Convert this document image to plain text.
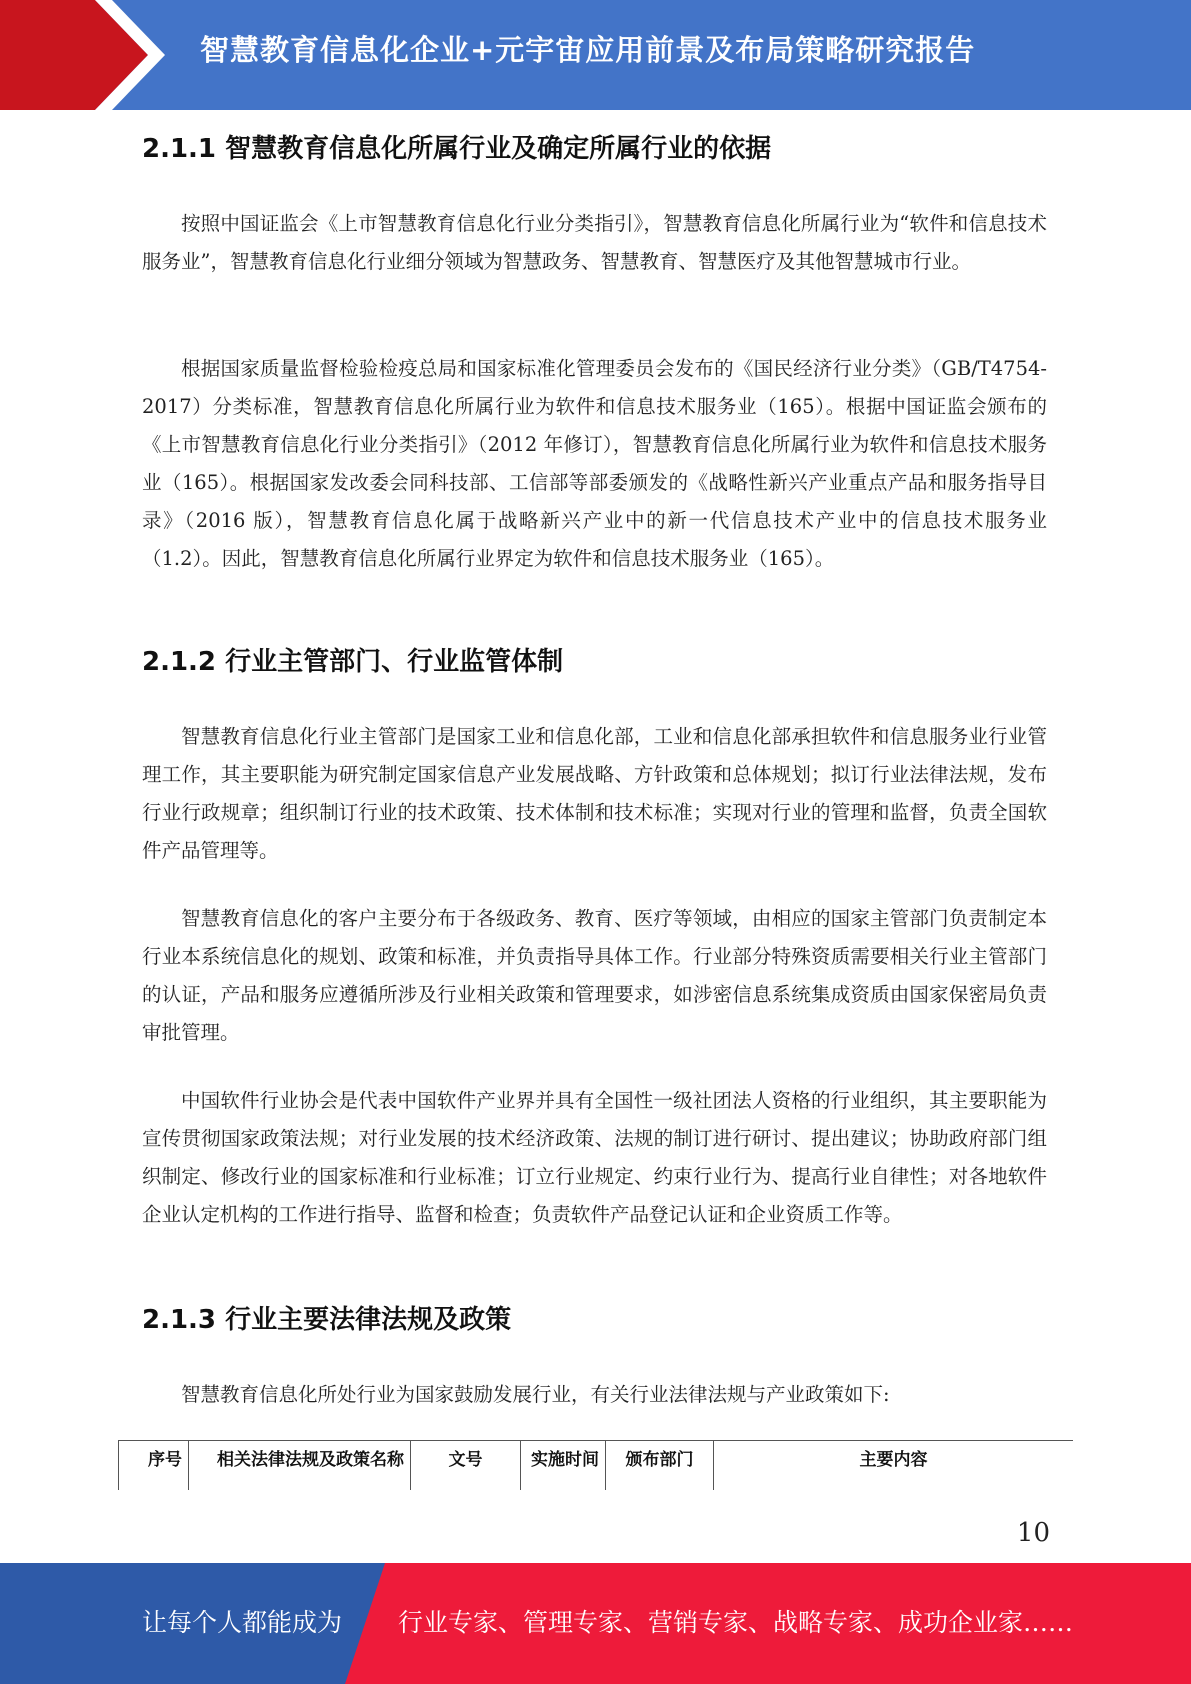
智慧教育信息化企业+元宇宙应用前景及布局策略研究报告
2.1.1 智慧教育信息化所属行业及确定所属行业的依据

按照中国证监会《上市智慧教育信息化行业分类指引》，智慧教育信息化所属行业为“软件和信息技术服务业”，智慧教育信息化行业细分领域为智慧政务、智慧教育、智慧医疗及其他智慧城市行业。

根据国家质量监督检验检疫总局和国家标准化管理委员会发布的《国民经济行业分类》（GB/T4754-2017）分类标准，智慧教育信息化所属行业为软件和信息技术服务业（165）。根据中国证监会颁布的《上市智慧教育信息化行业分类指引》（2012 年修订），智慧教育信息化所属行业为软件和信息技术服务业（165）。根据国家发改委会同科技部、工信部等部委颁发的《战略性新兴产业重点产品和服务指导目录》（2016 版），智慧教育信息化属于战略新兴产业中的新一代信息技术产业中的信息技术服务业（1.2）。因此，智慧教育信息化所属行业界定为软件和信息技术服务业（165）。

2.1.2 行业主管部门、行业监管体制

智慧教育信息化行业主管部门是国家工业和信息化部，工业和信息化部承担软件和信息服务业行业管理工作，其主要职能为研究制定国家信息产业发展战略、方针政策和总体规划；拟订行业法律法规，发布行业行政规章；组织制订行业的技术政策、技术体制和技术标准；实现对行业的管理和监督，负责全国软件产品管理等。

智慧教育信息化的客户主要分布于各级政务、教育、医疗等领域，由相应的国家主管部门负责制定本行业本系统信息化的规划、政策和标准，并负责指导具体工作。行业部分特殊资质需要相关行业主管部门的认证，产品和服务应遵循所涉及行业相关政策和管理要求，如涉密信息系统集成资质由国家保密局负责审批管理。

中国软件行业协会是代表中国软件产业界并具有全国性一级社团法人资格的行业组织，其主要职能为宣传贯彻国家政策法规；对行业发展的技术经济政策、法规的制订进行研讨、提出建议；协助政府部门组织制定、修改行业的国家标准和行业标准；订立行业规定、约束行业行为、提高行业自律性；对各地软件企业认定机构的工作进行指导、监督和检查；负责软件产品登记认证和企业资质工作等。

2.1.3 行业主要法律法规及政策

智慧教育信息化所处行业为国家鼓励发展行业，有关行业法律法规与产业政策如下:

序号	相关法律法规及政策名称	文号	实施时间	颁布部门	主要内容
10
让每个人都能成为 行业专家、管理专家、营销专家、战略专家、成功企业家……
